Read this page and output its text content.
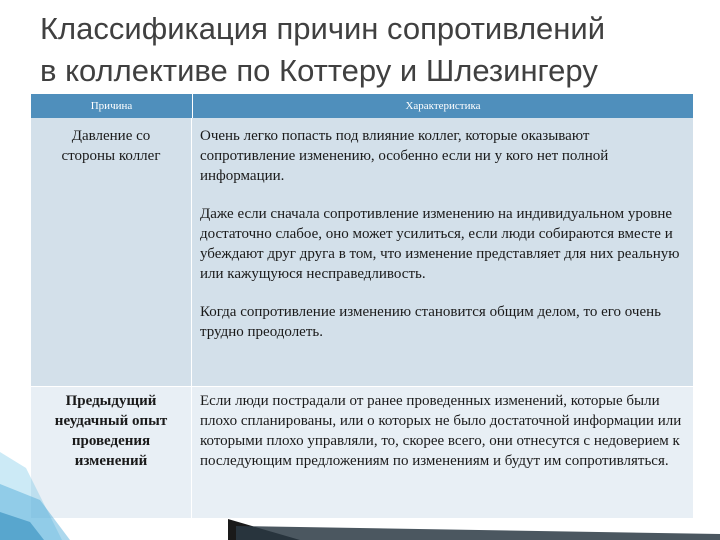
Классификация причин сопротивлений
в коллективе по Коттеру и Шлезингеру
Причина	Характеристика
Давление со
стороны коллег

Очень легко попасть под влияние коллег, которые оказывают сопротивление изменению, особенно если ни у кого нет полной информации.

Даже если сначала сопротивление изменению на индивидуальном уровне достаточно слабое, оно может усилиться, если люди собираются вместе и убеждают друг друга в том, что изменение представляет для них реальную или кажущуюся несправедливость.

Когда сопротивление изменению становится общим делом, то его очень трудно преодолеть.

Предыдущий
неудачный опыт
проведения
изменений

Если люди пострадали от ранее проведенных изменений, которые были плохо спланированы, или о которых не было достаточной информации или которыми плохо управляли, то, скорее всего, они отнесутся с недоверием к последующим предложениям по изменениям и будут им сопротивляться.
